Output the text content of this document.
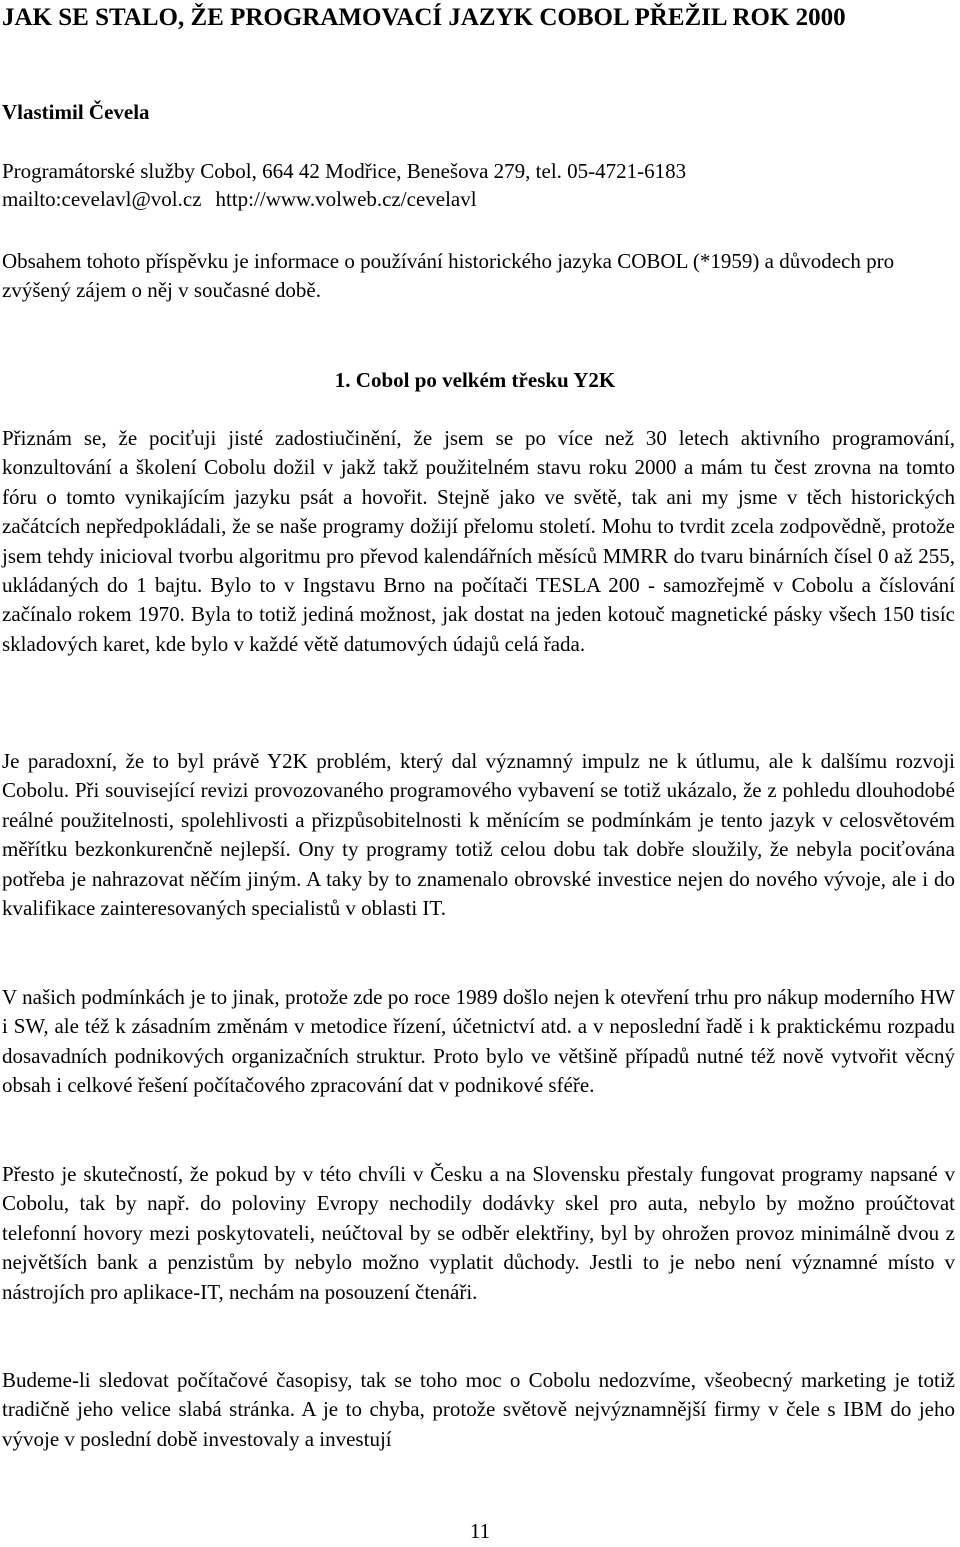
JAK SE STALO, ŽE PROGRAMOVACÍ JAZYK COBOL PŘEŽIL ROK 2000

Vlastimil Čevela

Programátorské služby Cobol, 664 42 Modřice, Benešova 279, tel. 05-4721-6183
mailto:cevelavl@vol.cz http://www.volweb.cz/cevelavl

Obsahem tohoto příspěvku je informace o používání historického jazyka COBOL (*1959) a důvodech pro zvýšený zájem o něj v současné době.

1. Cobol po velkém třesku Y2K

Přiznám se, že pociťuji jisté zadostiučinění, že jsem se po více než 30 letech aktivního programování, konzultování a školení Cobolu dožil v jakž takž použitelném stavu roku 2000 a mám tu čest zrovna na tomto fóru o tomto vynikajícím jazyku psát a hovořit. Stejně jako ve světě, tak ani my jsme v těch historických začátcích nepředpokládali, že se naše programy dožijí přelomu století. Mohu to tvrdit zcela zodpovědně, protože jsem tehdy inicioval tvorbu algoritmu pro převod kalendářních měsíců MMRR do tvaru binárních čísel 0 až 255, ukládaných do 1 bajtu. Bylo to v Ingstavu Brno na počítači TESLA 200 - samozřejmě v Cobolu a číslování začínalo rokem 1970. Byla to totiž jediná možnost, jak dostat na jeden kotouč magnetické pásky všech 150 tisíc skladových karet, kde bylo v každé větě datumových údajů celá řada.

Je paradoxní, že to byl právě Y2K problém, který dal významný impulz ne k útlumu, ale k dalšímu rozvoji Cobolu. Při související revizi provozovaného programového vybavení se totiž ukázalo, že z pohledu dlouhodobé reálné použitelnosti, spolehlivosti a přizpůsobitelnosti k měnícím se podmínkám je tento jazyk v celosvětovém měřítku bezkonkurenčně nejlepší. Ony ty programy totiž celou dobu tak dobře sloužily, že nebyla pociťována potřeba je nahrazovat něčím jiným. A taky by to znamenalo obrovské investice nejen do nového vývoje, ale i do kvalifikace zainteresovaných specialistů v oblasti IT.

V našich podmínkách je to jinak, protože zde po roce 1989 došlo nejen k otevření trhu pro nákup moderního HW i SW, ale též k zásadním změnám v metodice řízení, účetnictví atd. a v neposlední řadě i k praktickému rozpadu dosavadních podnikových organizačních struktur. Proto bylo ve většině případů nutné též nově vytvořit věcný obsah i celkové řešení počítačového zpracování dat v podnikové sféře.

Přesto je skutečností, že pokud by v této chvíli v Česku a na Slovensku přestaly fungovat programy napsané v Cobolu, tak by např. do poloviny Evropy nechodily dodávky skel pro auta, nebylo by možno proúčtovat telefonní hovory mezi poskytovateli, neúčtoval by se odběr elektřiny, byl by ohrožen provoz minimálně dvou z největších bank a penzistům by nebylo možno vyplatit důchody. Jestli to je nebo není významné místo v nástrojích pro aplikace-IT, nechám na posouzení čtenáři.

Budeme-li sledovat počítačové časopisy, tak se toho moc o Cobolu nedozvíme, všeobecný marketing je totiž tradičně jeho velice slabá stránka. A je to chyba, protože světově nejvýznamnější firmy v čele s IBM do jeho vývoje v poslední době investovaly a investují

11
